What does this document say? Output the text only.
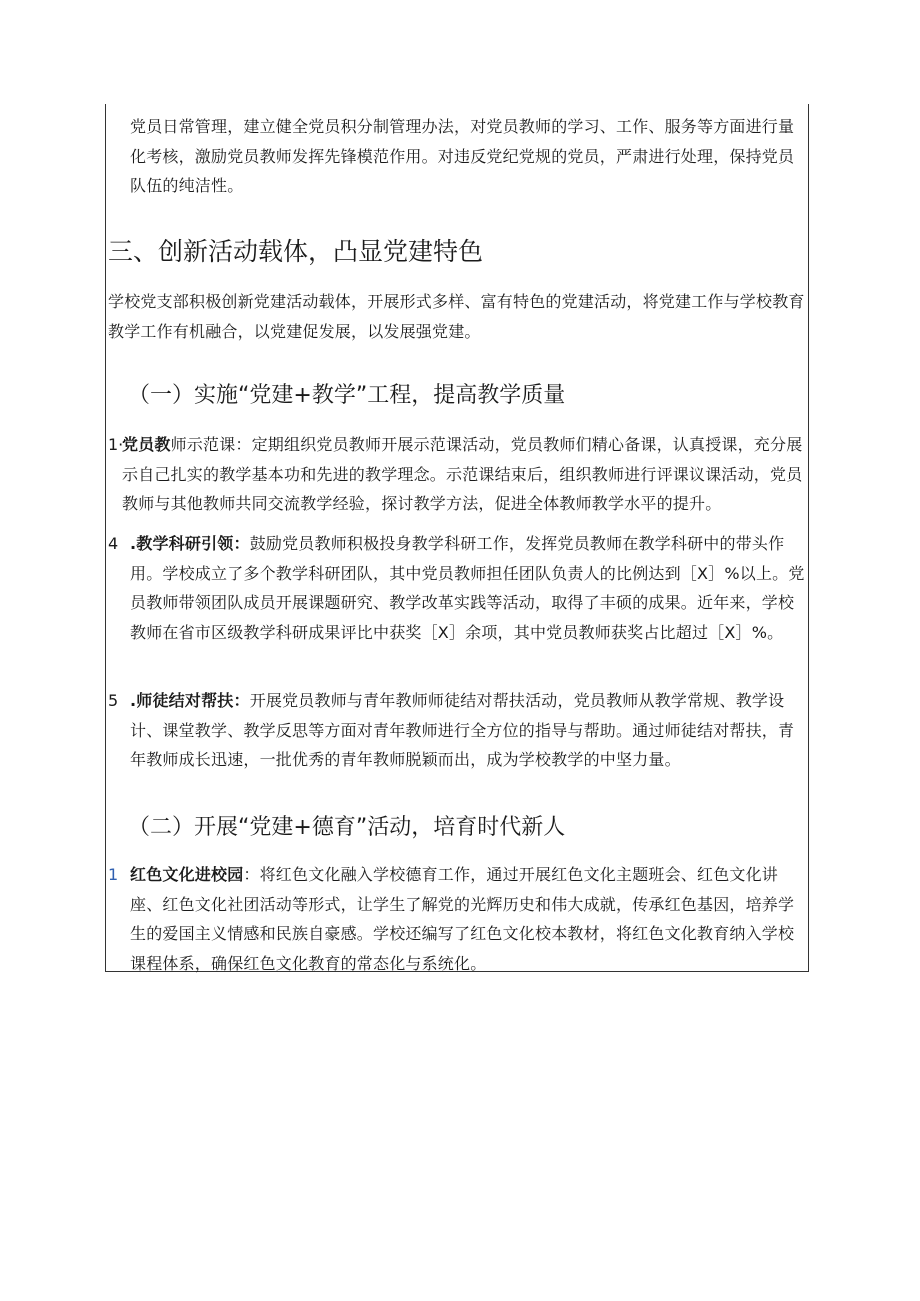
党员日常管理，建立健全党员积分制管理办法，对党员教师的学习、工作、服务等方面进行量化考核，激励党员教师发挥先锋模范作用。对违反党纪党规的党员，严肃进行处理，保持党员队伍的纯洁性。

三、创新活动载体，凸显党建特色

学校党支部积极创新党建活动载体，开展形式多样、富有特色的党建活动，将党建工作与学校教育教学工作有机融合，以党建促发展，以发展强党建。

（一）实施“党建+教学”工程，提高教学质量
1·

党员教师示范课：定期组织党员教师开展示范课活动，党员教师们精心备课，认真授课，充分展示自己扎实的教学基本功和先进的教学理念。示范课结束后，组织教师进行评课议课活动，党员教师与其他教师共同交流教学经验，探讨教学方法，促进全体教师教学水平的提升。

4 .教学科研引领：鼓励党员教师积极投身教学科研工作，发挥党员教师在教学科研中的带头作用。学校成立了多个教学科研团队，其中党员教师担任团队负责人的比例达到［X］%以上。党员教师带领团队成员开展课题研究、教学改革实践等活动，取得了丰硕的成果。近年来，学校教师在省市区级教学科研成果评比中获奖［X］余项，其中党员教师获奖占比超过［X］%。

5 .师徒结对帮扶：开展党员教师与青年教师师徒结对帮扶活动，党员教师从教学常规、教学设计、课堂教学、教学反思等方面对青年教师进行全方位的指导与帮助。通过师徒结对帮扶，青年教师成长迅速，一批优秀的青年教师脱颖而出，成为学校教学的中坚力量。

（二）开展“党建+德育”活动，培育时代新人
1 红色文化进校园：将红色文化融入学校德育工作，通过开展红色文化主题班会、红色文化讲座、红色文化社团活动等形式，让学生了解党的光辉历史和伟大成就，传承红色基因，培养学生的爱国主义情感和民族自豪感。学校还编写了红色文化校本教材，将红色文化教育纳入学校课程体系，确保红色文化教育的常态化与系统化。
